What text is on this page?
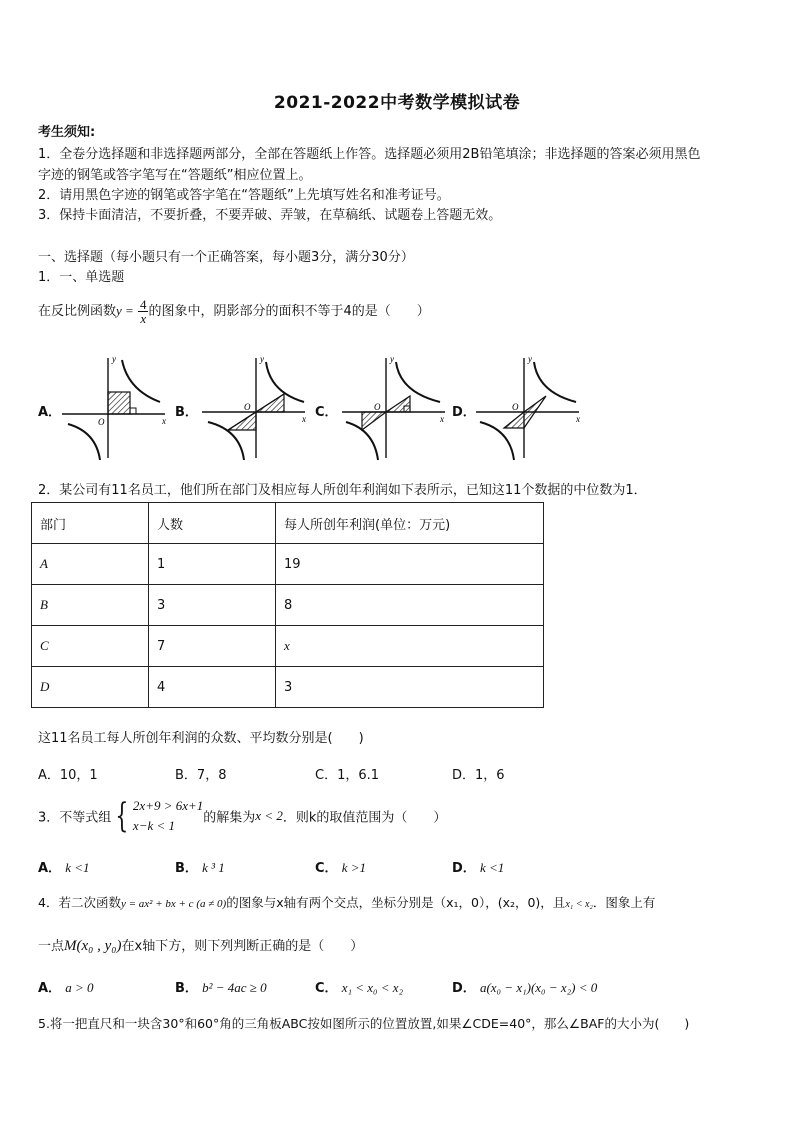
2021-2022中考数学模拟试卷
考生须知:
1．全卷分选择题和非选择题两部分，全部在答题纸上作答。选择题必须用2B铅笔填涂；非选择题的答案必须用黑色
字迹的钢笔或答字笔写在“答题纸”相应位置上。
2．请用黑色字迹的钢笔或答字笔在“答题纸”上先填写姓名和准考证号。
3．保持卡面清洁，不要折叠，不要弄破、弄皱，在草稿纸、试题卷上答题无效。
一、选择题（每小题只有一个正确答案，每小题3分，满分30分）
1．一、单选题
在反比例函数$y = \frac{4}{x}$ 的图象中，阴影部分的面积不等于4的是（　　）
A．	B．	C．	D．
y
x
O
y
x
O
y
x
O
y
x
O
2．某公司有11名员工，他们所在部门及相应每人所创年利润如下表所示，已知这11个数据的中位数为1．
部门	人数	每人所创年利润(单位：万元)
A	1	19
B	3	8
C	7	x
D	4	3
这11名员工每人所创年利润的众数、平均数分别是(　　)
A．10，1	B．7，8	C．1，6.1	D．1，6
3．不等式组 { 2x+9 > 6x+1
x−k < 1	的解集为x < 2．则k的取值范围为（　　）
A． k <1	B． k ³ 1	C． k >1	D． k <1
4．若二次函数y = ax² + bx + c (a ≠ 0)的图象与x轴有两个交点，坐标分别是（x₁，0），(x₂，0)，且x₁ < x₂．图象上有
一点M(x₀ , y₀)在x轴下方，则下列判断正确的是（　　）
A． a > 0	B． b² − 4ac ≥ 0	C． x₁ < x₀ < x₂	D． a(x₀ − x₁)(x₀ − x₂) < 0
5.将一把直尺和一块含30°和60°角的三角板ABC按如图所示的位置放置,如果∠CDE=40°，那么∠BAF的大小为(　　)
